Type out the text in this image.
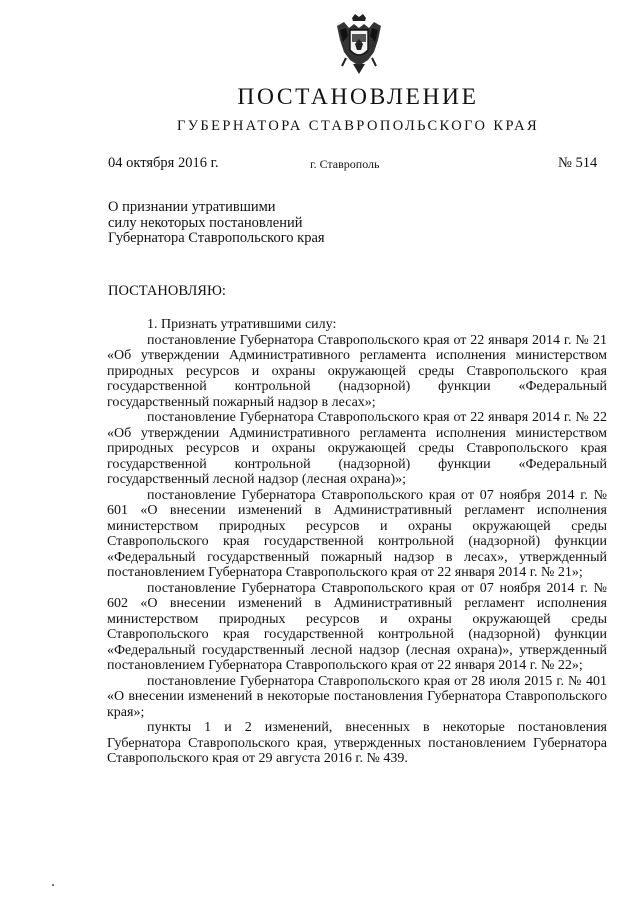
ПОСТАНОВЛЕНИЕ
ГУБЕРНАТОРА СТАВРОПОЛЬСКОГО КРАЯ
04 октября 2016 г.	г. Ставрополь	№ 514
О признании утратившими
силу некоторых постановлений
Губернатора Ставропольского края
ПОСТАНОВЛЯЮ:

1. Признать утратившими силу:

постановление Губернатора Ставропольского края от 22 января 2014 г. № 21 «Об утверждении Административного регламента исполнения министерством природных ресурсов и охраны окружающей среды Ставропольского края государственной контрольной (надзорной) функции «Федеральный государственный пожарный надзор в лесах»;

постановление Губернатора Ставропольского края от 22 января 2014 г. № 22 «Об утверждении Административного регламента исполнения министерством природных ресурсов и охраны окружающей среды Ставропольского края государственной контрольной (надзорной) функции «Федеральный государственный лесной надзор (лесная охрана)»;

постановление Губернатора Ставропольского края от 07 ноября 2014 г. № 601 «О внесении изменений в Административный регламент исполнения министерством природных ресурсов и охраны окружающей среды Ставропольского края государственной контрольной (надзорной) функции «Федеральный государственный пожарный надзор в лесах», утвержденный постановлением Губернатора Ставропольского края от 22 января 2014 г. № 21»;

постановление Губернатора Ставропольского края от 07 ноября 2014 г. № 602 «О внесении изменений в Административный регламент исполнения министерством природных ресурсов и охраны окружающей среды Ставропольского края государственной контрольной (надзорной) функции «Федеральный государственный лесной надзор (лесная охрана)», утвержденный постановлением Губернатора Ставропольского края от 22 января 2014 г. № 22»;

постановление Губернатора Ставропольского края от 28 июля 2015 г. № 401 «О внесении изменений в некоторые постановления Губернатора Ставропольского края»;

пункты 1 и 2 изменений, внесенных в некоторые постановления Губернатора Ставропольского края, утвержденных постановлением Губернатора Ставропольского края от 29 августа 2016 г. № 439.
